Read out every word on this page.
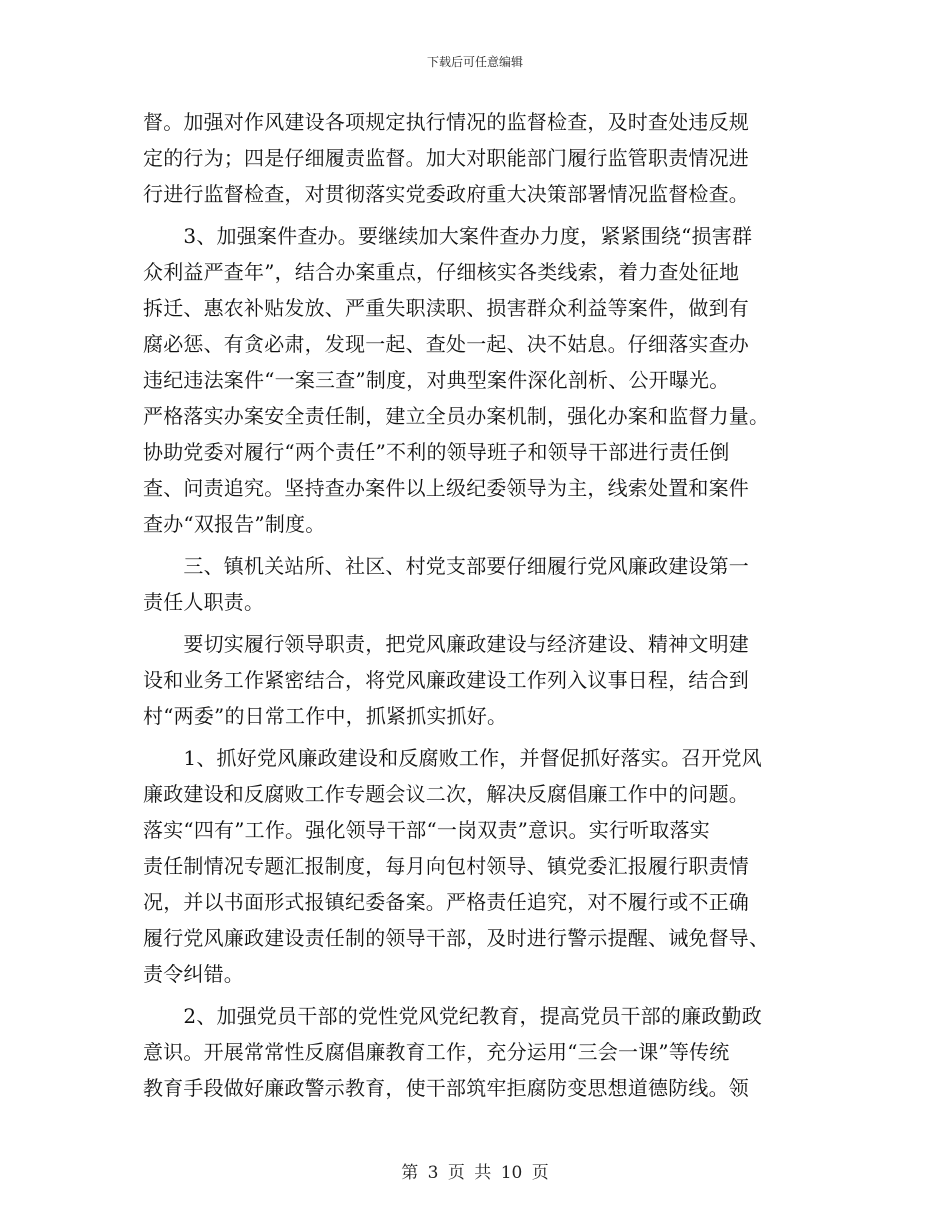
下载后可任意编辑
督。加强对作风建设各项规定执行情况的监督检查，及时查处违反规
定的行为；四是仔细履责监督。加大对职能部门履行监管职责情况进
行进行监督检查，对贯彻落实党委政府重大决策部署情况监督检查。
　　3、加强案件查办。要继续加大案件查办力度，紧紧围绕“损害群
众利益严查年”，结合办案重点，仔细核实各类线索，着力查处征地
拆迁、惠农补贴发放、严重失职渎职、损害群众利益等案件，做到有
腐必惩、有贪必肃，发现一起、查处一起、决不姑息。仔细落实查办
违纪违法案件“一案三查”制度，对典型案件深化剖析、公开曝光。
严格落实办案安全责任制，建立全员办案机制，强化办案和监督力量。
协助党委对履行“两个责任”不利的领导班子和领导干部进行责任倒
查、问责追究。坚持查办案件以上级纪委领导为主，线索处置和案件
查办“双报告”制度。
　　三、镇机关站所、社区、村党支部要仔细履行党风廉政建设第一
责任人职责。
　　要切实履行领导职责，把党风廉政建设与经济建设、精神文明建
设和业务工作紧密结合，将党风廉政建设工作列入议事日程，结合到
村“两委”的日常工作中，抓紧抓实抓好。
　　1、抓好党风廉政建设和反腐败工作，并督促抓好落实。召开党风
廉政建设和反腐败工作专题会议二次，解决反腐倡廉工作中的问题。
落实“四有”工作。强化领导干部“一岗双责”意识。实行听取落实
责任制情况专题汇报制度，每月向包村领导、镇党委汇报履行职责情
况，并以书面形式报镇纪委备案。严格责任追究，对不履行或不正确
履行党风廉政建设责任制的领导干部，及时进行警示提醒、诫免督导、
责令纠错。
　　2、加强党员干部的党性党风党纪教育，提高党员干部的廉政勤政
意识。开展常常性反腐倡廉教育工作，充分运用“三会一课”等传统
教育手段做好廉政警示教育，使干部筑牢拒腐防变思想道德防线。领
第 3 页 共 10 页
